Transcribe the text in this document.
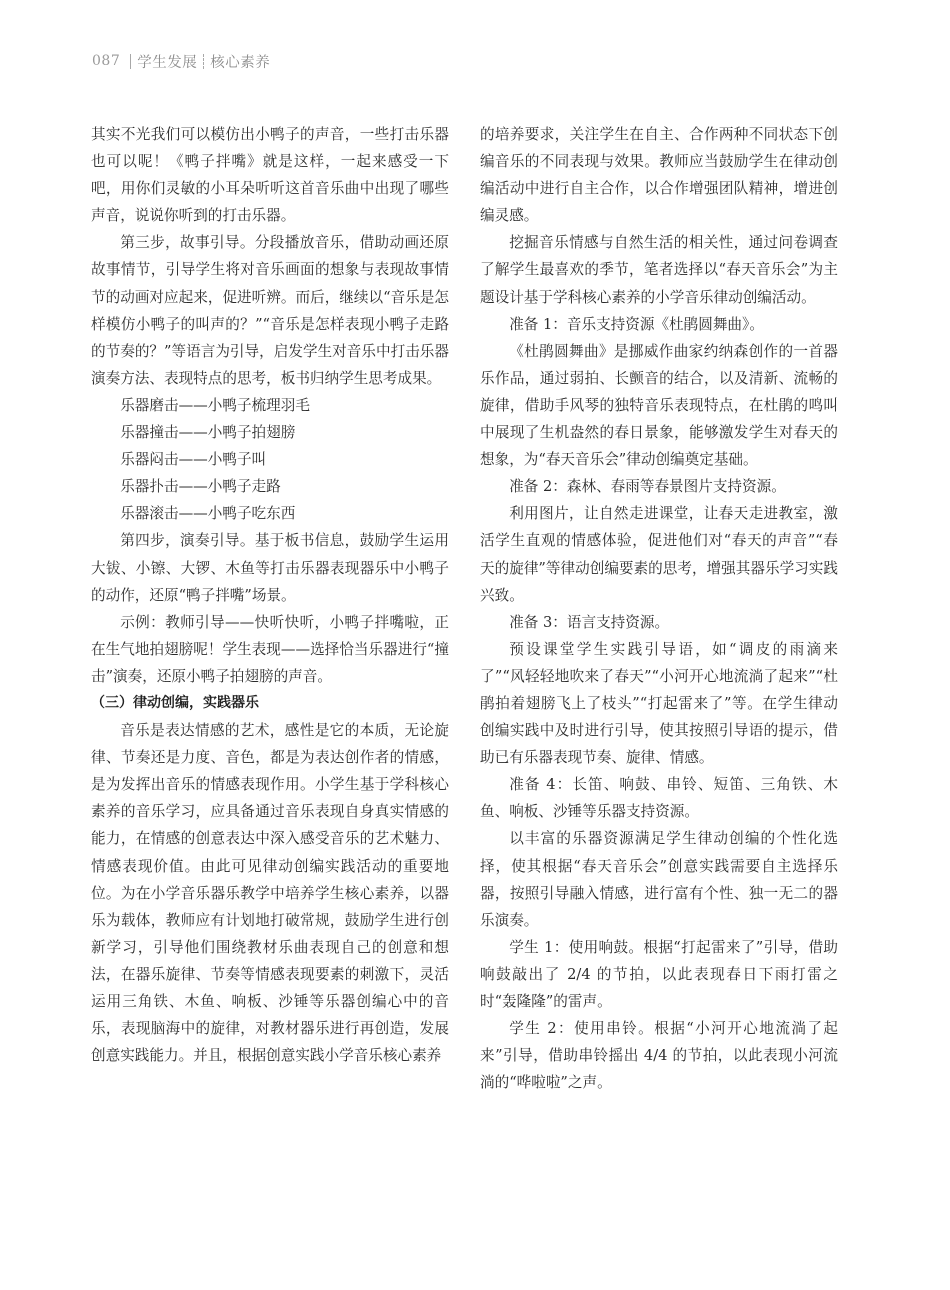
087 学生发展 核心素养

其实不光我们可以模仿出小鸭子的声音，一些打击乐器也可以呢！《鸭子拌嘴》就是这样，一起来感受一下吧，用你们灵敏的小耳朵听听这首音乐曲中出现了哪些声音，说说你听到的打击乐器。

第三步，故事引导。分段播放音乐，借助动画还原故事情节，引导学生将对音乐画面的想象与表现故事情节的动画对应起来，促进听辨。而后，继续以“音乐是怎样模仿小鸭子的叫声的？”“音乐是怎样表现小鸭子走路的节奏的？”等语言为引导，启发学生对音乐中打击乐器演奏方法、表现特点的思考，板书归纳学生思考成果。

乐器磨击——小鸭子梳理羽毛

乐器撞击——小鸭子拍翅膀

乐器闷击——小鸭子叫

乐器扑击——小鸭子走路

乐器滚击——小鸭子吃东西

第四步，演奏引导。基于板书信息，鼓励学生运用大钹、小镲、大锣、木鱼等打击乐器表现器乐中小鸭子的动作，还原“鸭子拌嘴”场景。

示例：教师引导——快听快听，小鸭子拌嘴啦，正在生气地拍翅膀呢！学生表现——选择恰当乐器进行“撞击”演奏，还原小鸭子拍翅膀的声音。

（三）律动创编，实践器乐

音乐是表达情感的艺术，感性是它的本质，无论旋律、节奏还是力度、音色，都是为表达创作者的情感，是为发挥出音乐的情感表现作用。小学生基于学科核心素养的音乐学习，应具备通过音乐表现自身真实情感的能力，在情感的创意表达中深入感受音乐的艺术魅力、情感表现价值。由此可见律动创编实践活动的重要地位。为在小学音乐器乐教学中培养学生核心素养，以器乐为载体，教师应有计划地打破常规，鼓励学生进行创新学习，引导他们围绕教材乐曲表现自己的创意和想法，在器乐旋律、节奏等情感表现要素的刺激下，灵活运用三角铁、木鱼、响板、沙锤等乐器创编心中的音乐，表现脑海中的旋律，对教材器乐进行再创造，发展创意实践能力。并且，根据创意实践小学音乐核心素养

的培养要求，关注学生在自主、合作两种不同状态下创编音乐的不同表现与效果。教师应当鼓励学生在律动创编活动中进行自主合作，以合作增强团队精神，增进创编灵感。

挖掘音乐情感与自然生活的相关性，通过问卷调查了解学生最喜欢的季节，笔者选择以“春天音乐会”为主题设计基于学科核心素养的小学音乐律动创编活动。

准备 1：音乐支持资源《杜鹃圆舞曲》。

《杜鹃圆舞曲》是挪威作曲家约纳森创作的一首器乐作品，通过弱拍、长颤音的结合，以及清新、流畅的旋律，借助手风琴的独特音乐表现特点，在杜鹃的鸣叫中展现了生机盎然的春日景象，能够激发学生对春天的想象，为“春天音乐会”律动创编奠定基础。

准备 2：森林、春雨等春景图片支持资源。

利用图片，让自然走进课堂，让春天走进教室，激活学生直观的情感体验，促进他们对“春天的声音”“春天的旋律”等律动创编要素的思考，增强其器乐学习实践兴致。

准备 3：语言支持资源。

预设课堂学生实践引导语，如“调皮的雨滴来了”“风轻轻地吹来了春天”“小河开心地流淌了起来”“杜鹃拍着翅膀飞上了枝头”“打起雷来了”等。在学生律动创编实践中及时进行引导，使其按照引导语的提示，借助已有乐器表现节奏、旋律、情感。

准备 4：长笛、响鼓、串铃、短笛、三角铁、木鱼、响板、沙锤等乐器支持资源。

以丰富的乐器资源满足学生律动创编的个性化选择，使其根据“春天音乐会”创意实践需要自主选择乐器，按照引导融入情感，进行富有个性、独一无二的器乐演奏。

学生 1：使用响鼓。根据“打起雷来了”引导，借助响鼓敲出了 2/4 的节拍，以此表现春日下雨打雷之时“轰隆隆”的雷声。

学生 2：使用串铃。根据“小河开心地流淌了起来”引导，借助串铃摇出 4/4 的节拍，以此表现小河流淌的“哗啦啦”之声。
